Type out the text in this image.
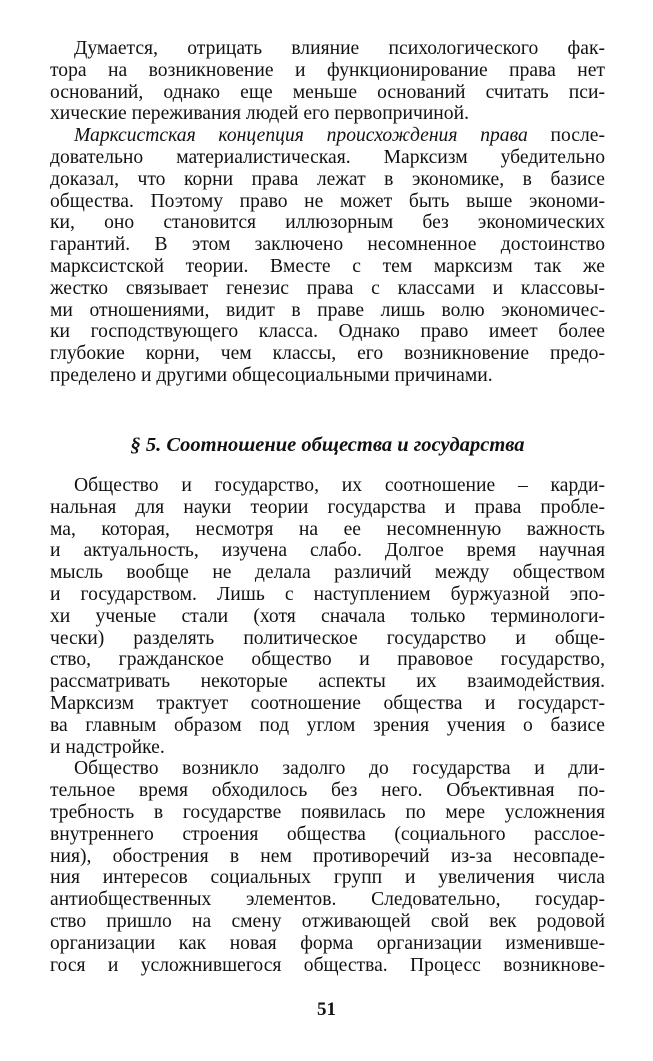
Думается, отрицать влияние психологического фак-
тора на возникновение и функционирование права нет
оснований, однако еще меньше оснований считать пси-
хические переживания людей его первопричиной.
Марксистская концепция происхождения права после-
довательно материалистическая. Марксизм убедительно
доказал, что корни права лежат в экономике, в базисе
общества. Поэтому право не может быть выше экономи-
ки, оно становится иллюзорным без экономических
гарантий. В этом заключено несомненное достоинство
марксистской теории. Вместе с тем марксизм так же
жестко связывает генезис права с классами и классовы-
ми отношениями, видит в праве лишь волю экономичес-
ки господствующего класса. Однако право имеет более
глубокие корни, чем классы, его возникновение предо-
пределено и другими общесоциальными причинами.
§ 5. Соотношение общества и государства
Общество и государство, их соотношение – карди-
нальная для науки теории государства и права пробле-
ма, которая, несмотря на ее несомненную важность
и актуальность, изучена слабо. Долгое время научная
мысль вообще не делала различий между обществом
и государством. Лишь с наступлением буржуазной эпо-
хи ученые стали (хотя сначала только терминологи-
чески) разделять политическое государство и обще-
ство, гражданское общество и правовое государство,
рассматривать некоторые аспекты их взаимодействия.
Марксизм трактует соотношение общества и государст-
ва главным образом под углом зрения учения о базисе
и надстройке.
Общество возникло задолго до государства и дли-
тельное время обходилось без него. Объективная по-
требность в государстве появилась по мере усложнения
внутреннего строения общества (социального расслое-
ния), обострения в нем противоречий из-за несовпаде-
ния интересов социальных групп и увеличения числа
антиобщественных элементов. Следовательно, государ-
ство пришло на смену отживающей свой век родовой
организации как новая форма организации изменивше-
гося и усложнившегося общества. Процесс возникнове-
51
